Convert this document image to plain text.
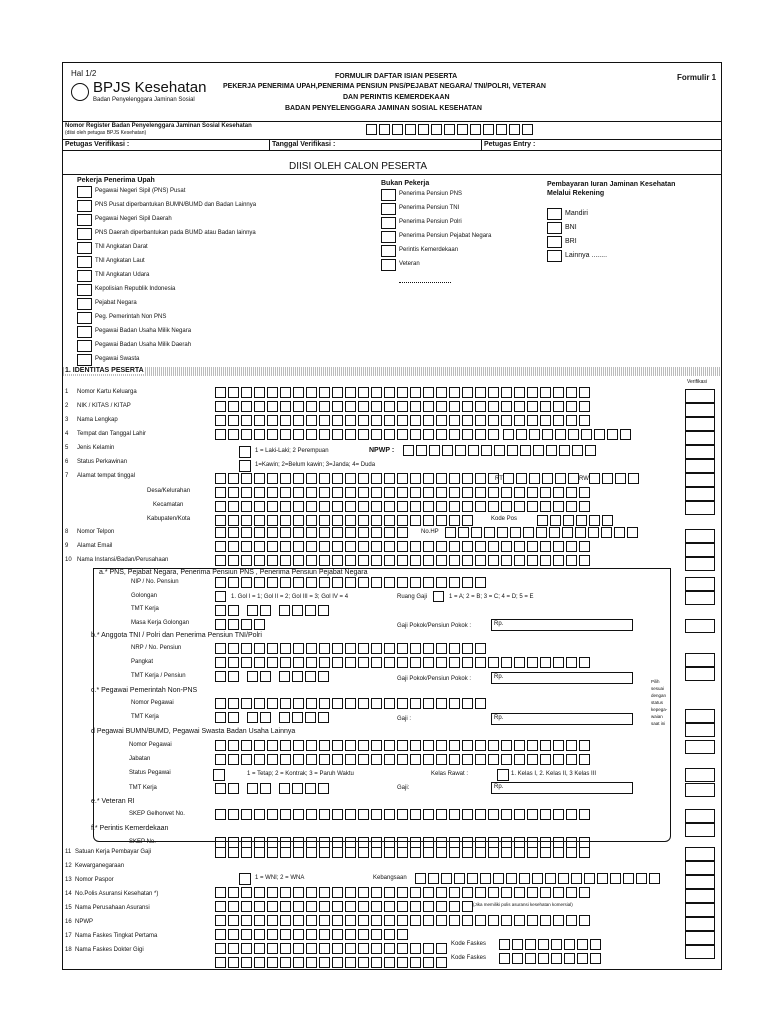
Hal 1/2
BPJS Kesehatan
Badan Penyelenggara Jaminan Sosial
FORMULIR DAFTAR ISIAN PESERTA
PEKERJA PENERIMA UPAH,PENERIMA PENSIUN PNS/PEJABAT NEGARA/ TNI/POLRI, VETERAN
DAN PERINTIS KEMERDEKAAN
BADAN PENYELENGGARA JAMINAN SOSIAL KESEHATAN
Formulir 1
Nomor Register Badan Penyelenggara Jaminan Sosial Kesehatan
(diisi oleh petugas BPJS Kesehatan)
Petugas Verifikasi :	Tanggal Verifikasi :	Petugas Entry :
DIISI OLEH CALON PESERTA
Pekerja Penerima Upah	Bukan Pekerja	Pembayaran Iuran Jaminan Kesehatan
Melalui Rekening
1. IDENTITAS PESERTA
Verifikasi
1 = Laki-Laki; 2 Perempuan	NPWP :
1=Kawin; 2=Belum kawin; 3=Janda; 4= Duda
Desa/Kelurahan
Kecamatan
Kabupaten/Kota
RT	RW
Kode Pos
No.HP
a.* PNS, Pejabat Negara, Penerima Pensiun PNS , Penerima Pensiun Pejabat Negara
NIP / No. Pensiun
Golongan
TMT Kerja
Masa Kerja Golongan
1. Gol I = 1; Gol II = 2; Gol III = 3; Gol IV = 4	Ruang Gaji	1 = A; 2 = B; 3 = C; 4 = D; 5 = E
Gaji Pokok/Pensiun Pokok :	Rp.
b.* Anggota TNI / Polri dan Penerima Pensiun TNI/Polri
NRP / No. Pensiun
Pangkat
TMT Kerja / Pensiun	Gaji Pokok/Pensiun Pokok :	Rp.
c.* Pegawai Pemerintah Non-PNS
Nomor Pegawai
TMT Kerja	Gaji :	Rp.
d Pegawai BUMN/BUMD, Pegawai Swasta Badan Usaha Lainnya
Nomor Pegawai
Jabatan
Status Pegawai
TMT Kerja
1 = Tetap; 2 = Kontrak; 3 = Paruh Waktu	Kelas Rawat :	1. Kelas I, 2. Kelas II, 3 Kelas III
Gaji:	Rp.
e.* Veteran RI
SKEP Gelhonvet No.
f.* Perintis Kemerdekaan
SKEP No.
1 = WNI; 2 = WNA	Kebangsaan
(Jika memiliki polis asuransi kesehatan komersial)
Kode Faskes
Kode Faskes
Pegawai Negeri Sipil (PNS) Pusat
PNS Pusat diperbantukan BUMN/BUMD dan Badan Lainnya
Pegawai Negeri Sipil Daerah
PNS Daerah diperbantukan pada BUMD atau Badan lainnya
TNI Angkatan Darat
TNI Angkatan Laut
TNI Angkatan Udara
Kepolisian Republik Indonesia
Pejabat Negara
Peg. Pemerintah Non PNS
Pegawai Badan Usaha Milik Negara
Pegawai Badan Usaha Milik Daerah
Pegawai Swasta
Penerima Pensiun PNS
Penerima Pensiun TNI
Penerima Pensiun Polri
Penerima Pensiun Pejabat Negara
Perintis Kemerdekaan
Veteran
Mandiri
BNI
BRI
Lainnya ........
1 Nomor Kartu Keluarga
2 NIK / KITAS / KITAP
3 Nama Lengkap
4 Tempat dan Tanggal Lahir
5 Jenis Kelamin
6 Status Perkawinan
7 Alamat tempat tinggal
8 Nomor Telpon
9 Alamat Email
10 Nama Instansi/Badan/Perusahaan
11 Satuan Kerja Pembayar Gaji
12 Kewarganegaraan
13 Nomor Paspor
14 No.Polis Asuransi Kesehatan *)
15 Nama Perusahaan Asuransi
16 NPWP
17 Nama Faskes Tingkat Pertama
18 Nama Faskes Dokter Gigi
Pilih
sesuai
dengan
status
kepega-
waian
saat ini
